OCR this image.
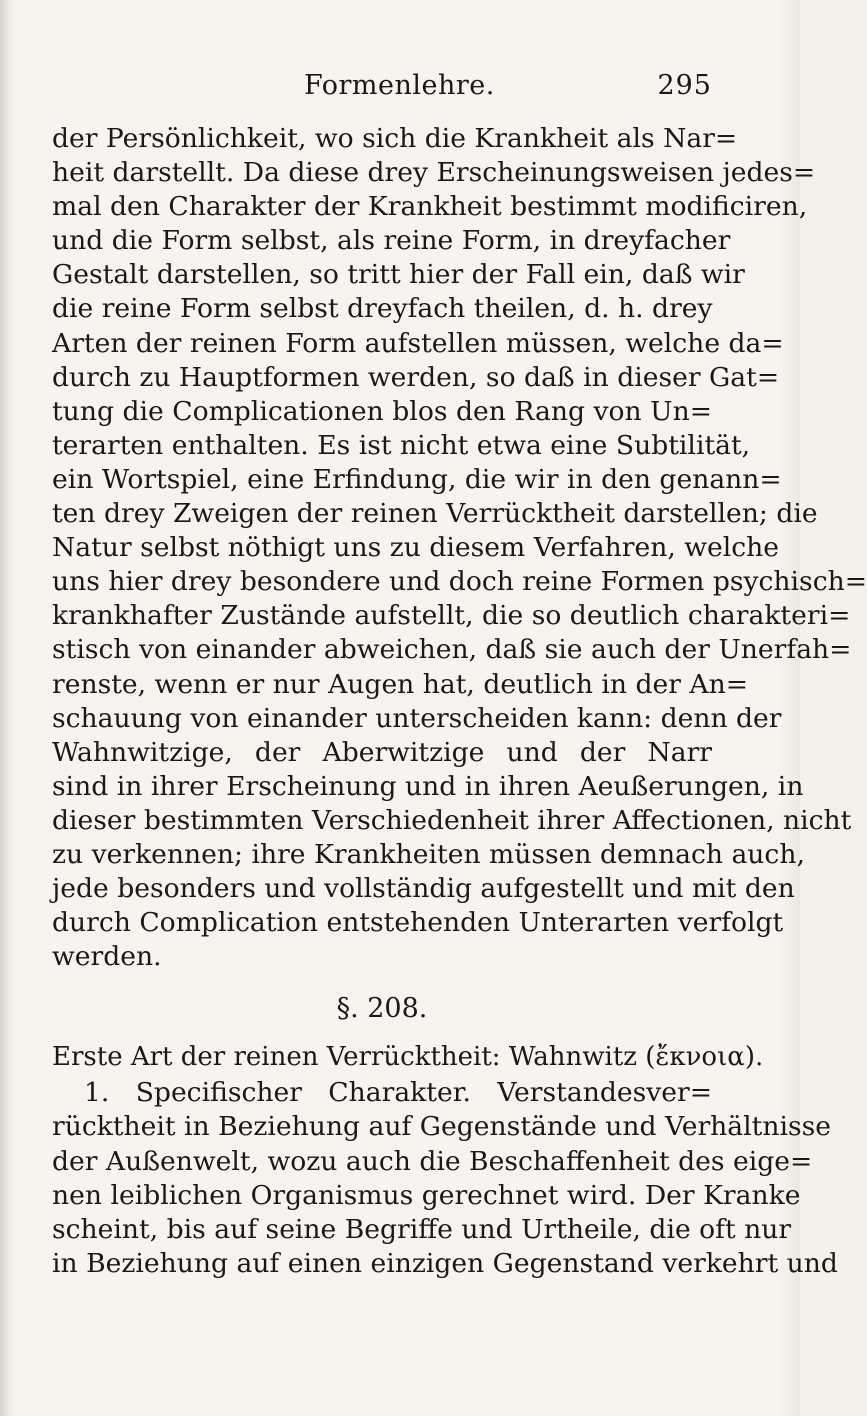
Formenlehre.	295
der Persönlichkeit, wo sich die Krankheit als Nar=
heit darstellt. Da diese drey Erscheinungsweisen jedes=
mal den Charakter der Krankheit bestimmt modificiren,
und die Form selbst, als reine Form, in dreyfacher
Gestalt darstellen, so tritt hier der Fall ein, daß wir
die reine Form selbst dreyfach theilen, d. h. drey
Arten der reinen Form aufstellen müssen, welche da=
durch zu Hauptformen werden, so daß in dieser Gat=
tung die Complicationen blos den Rang von Un=
terarten enthalten. Es ist nicht etwa eine Subtilität,
ein Wortspiel, eine Erfindung, die wir in den genann=
ten drey Zweigen der reinen Verrücktheit darstellen; die
Natur selbst nöthigt uns zu diesem Verfahren, welche
uns hier drey besondere und doch reine Formen psychisch=
krankhafter Zustände aufstellt, die so deutlich charakteri=
stisch von einander abweichen, daß sie auch der Unerfah=
renste, wenn er nur Augen hat, deutlich in der An=
schauung von einander unterscheiden kann: denn der
Wahnwitzige, der Aberwitzige und der Narr
sind in ihrer Erscheinung und in ihren Aeußerungen, in
dieser bestimmten Verschiedenheit ihrer Affectionen, nicht
zu verkennen; ihre Krankheiten müssen demnach auch,
jede besonders und vollständig aufgestellt und mit den
durch Complication entstehenden Unterarten verfolgt
werden.
§. 208.
Erste Art der reinen Verrücktheit: Wahnwitz (ἔκνοια).
1. Specifischer Charakter. Verstandesver=
rücktheit in Beziehung auf Gegenstände und Verhältnisse
der Außenwelt, wozu auch die Beschaffenheit des eige=
nen leiblichen Organismus gerechnet wird. Der Kranke
scheint, bis auf seine Begriffe und Urtheile, die oft nur
in Beziehung auf einen einzigen Gegenstand verkehrt und
